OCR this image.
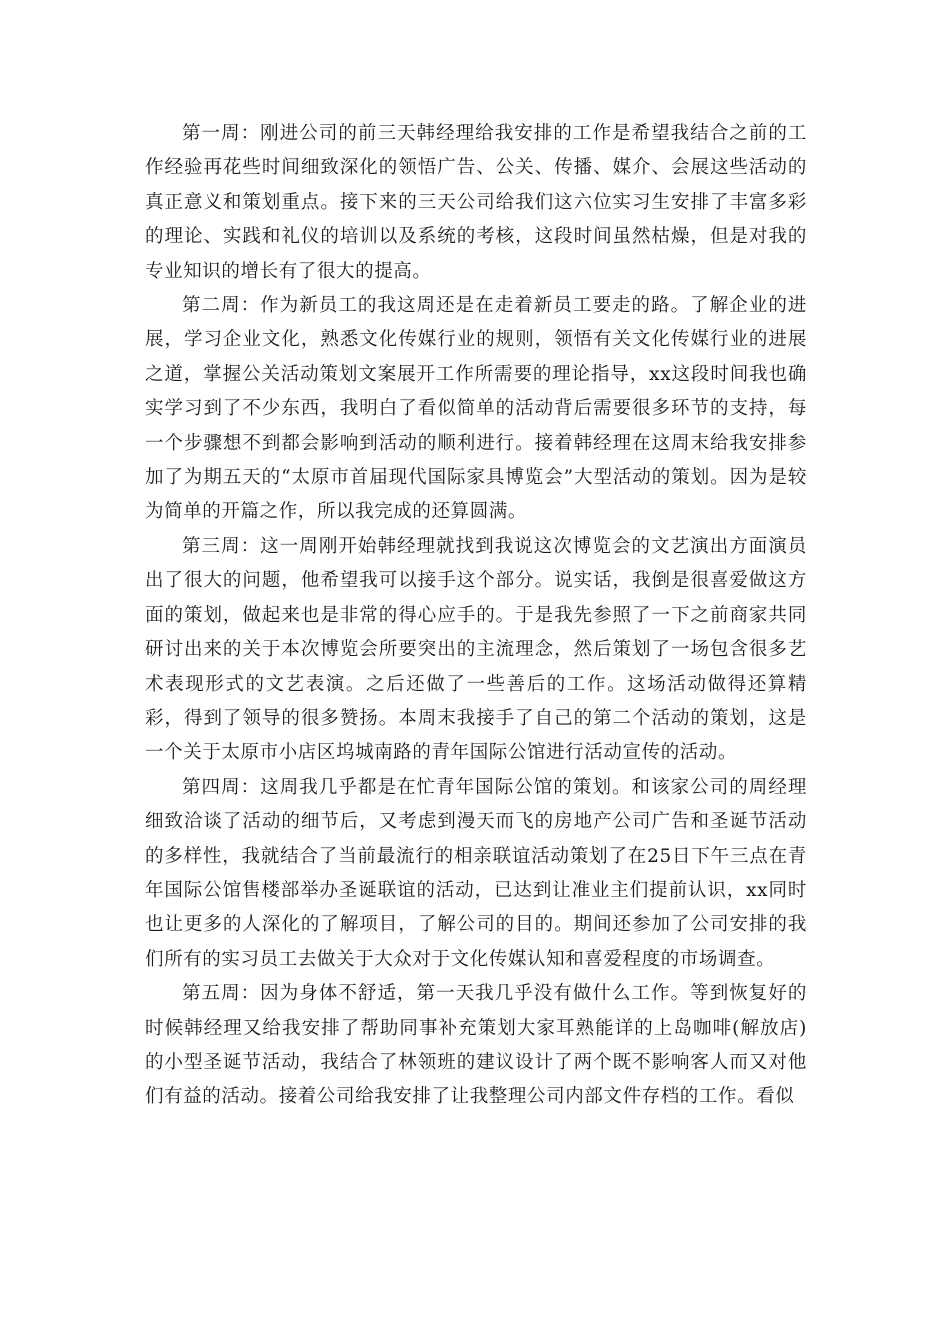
第一周：刚进公司的前三天韩经理给我安排的工作是希望我结合之前的工作经验再花些时间细致深化的领悟广告、公关、传播、媒介、会展这些活动的真正意义和策划重点。接下来的三天公司给我们这六位实习生安排了丰富多彩的理论、实践和礼仪的培训以及系统的考核，这段时间虽然枯燥，但是对我的专业知识的增长有了很大的提高。

第二周：作为新员工的我这周还是在走着新员工要走的路。了解企业的进展，学习企业文化，熟悉文化传媒行业的规则，领悟有关文化传媒行业的进展之道，掌握公关活动策划文案展开工作所需要的理论指导，xx这段时间我也确实学习到了不少东西，我明白了看似简单的活动背后需要很多环节的支持，每一个步骤想不到都会影响到活动的顺利进行。接着韩经理在这周末给我安排参加了为期五天的“太原市首届现代国际家具博览会”大型活动的策划。因为是较为简单的开篇之作，所以我完成的还算圆满。

第三周：这一周刚开始韩经理就找到我说这次博览会的文艺演出方面演员出了很大的问题，他希望我可以接手这个部分。说实话，我倒是很喜爱做这方面的策划，做起来也是非常的得心应手的。于是我先参照了一下之前商家共同研讨出来的关于本次博览会所要突出的主流理念，然后策划了一场包含很多艺术表现形式的文艺表演。之后还做了一些善后的工作。这场活动做得还算精彩，得到了领导的很多赞扬。本周末我接手了自己的第二个活动的策划，这是一个关于太原市小店区坞城南路的青年国际公馆进行活动宣传的活动。

第四周：这周我几乎都是在忙青年国际公馆的策划。和该家公司的周经理细致洽谈了活动的细节后，又考虑到漫天而飞的房地产公司广告和圣诞节活动的多样性，我就结合了当前最流行的相亲联谊活动策划了在25日下午三点在青年国际公馆售楼部举办圣诞联谊的活动，已达到让准业主们提前认识，xx同时也让更多的人深化的了解项目，了解公司的目的。期间还参加了公司安排的我们所有的实习员工去做关于大众对于文化传媒认知和喜爱程度的市场调查。

第五周：因为身体不舒适，第一天我几乎没有做什么工作。等到恢复好的时候韩经理又给我安排了帮助同事补充策划大家耳熟能详的上岛咖啡(解放店)的小型圣诞节活动，我结合了林领班的建议设计了两个既不影响客人而又对他们有益的活动。接着公司给我安排了让我整理公司内部文件存档的工作。看似
